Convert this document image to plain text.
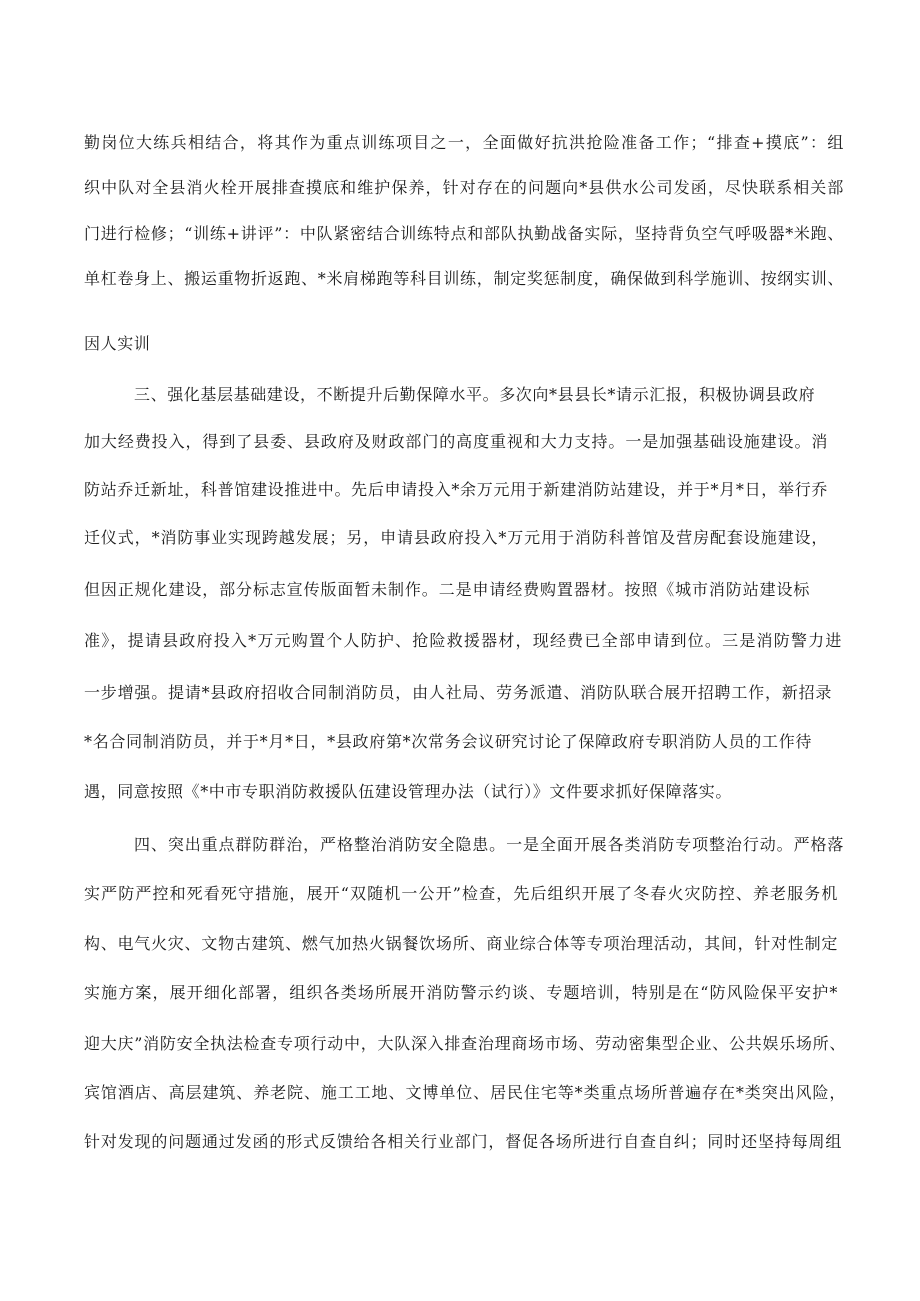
勤岗位大练兵相结合，将其作为重点训练项目之一，全面做好抗洪抢险准备工作；“排查+摸底”：组
织中队对全县消火栓开展排查摸底和维护保养，针对存在的问题向*县供水公司发函，尽快联系相关部
门进行检修；“训练+讲评”：中队紧密结合训练特点和部队执勤战备实际，坚持背负空气呼吸器*米跑、
单杠卷身上、搬运重物折返跑、*米肩梯跑等科目训练，制定奖惩制度，确保做到科学施训、按纲实训、
因人实训
三、强化基层基础建设，不断提升后勤保障水平。多次向*县县长*请示汇报，积极协调县政府
加大经费投入，得到了县委、县政府及财政部门的高度重视和大力支持。一是加强基础设施建设。消
防站乔迁新址，科普馆建设推进中。先后申请投入*余万元用于新建消防站建设，并于*月*日，举行乔
迁仪式，*消防事业实现跨越发展；另，申请县政府投入*万元用于消防科普馆及营房配套设施建设，
但因正规化建设，部分标志宣传版面暂未制作。二是申请经费购置器材。按照《城市消防站建设标
准》，提请县政府投入*万元购置个人防护、抢险救援器材，现经费已全部申请到位。三是消防警力进
一步增强。提请*县政府招收合同制消防员，由人社局、劳务派遣、消防队联合展开招聘工作，新招录
*名合同制消防员，并于*月*日，*县政府第*次常务会议研究讨论了保障政府专职消防人员的工作待
遇，同意按照《*中市专职消防救援队伍建设管理办法（试行）》文件要求抓好保障落实。
四、突出重点群防群治，严格整治消防安全隐患。一是全面开展各类消防专项整治行动。严格落
实严防严控和死看死守措施，展开“双随机一公开”检查，先后组织开展了冬春火灾防控、养老服务机
构、电气火灾、文物古建筑、燃气加热火锅餐饮场所、商业综合体等专项治理活动，其间，针对性制定
实施方案，展开细化部署，组织各类场所展开消防警示约谈、专题培训，特别是在“防风险保平安护*
迎大庆”消防安全执法检查专项行动中，大队深入排查治理商场市场、劳动密集型企业、公共娱乐场所、
宾馆酒店、高层建筑、养老院、施工工地、文博单位、居民住宅等*类重点场所普遍存在*类突出风险，
针对发现的问题通过发函的形式反馈给各相关行业部门，督促各场所进行自查自纠；同时还坚持每周组
